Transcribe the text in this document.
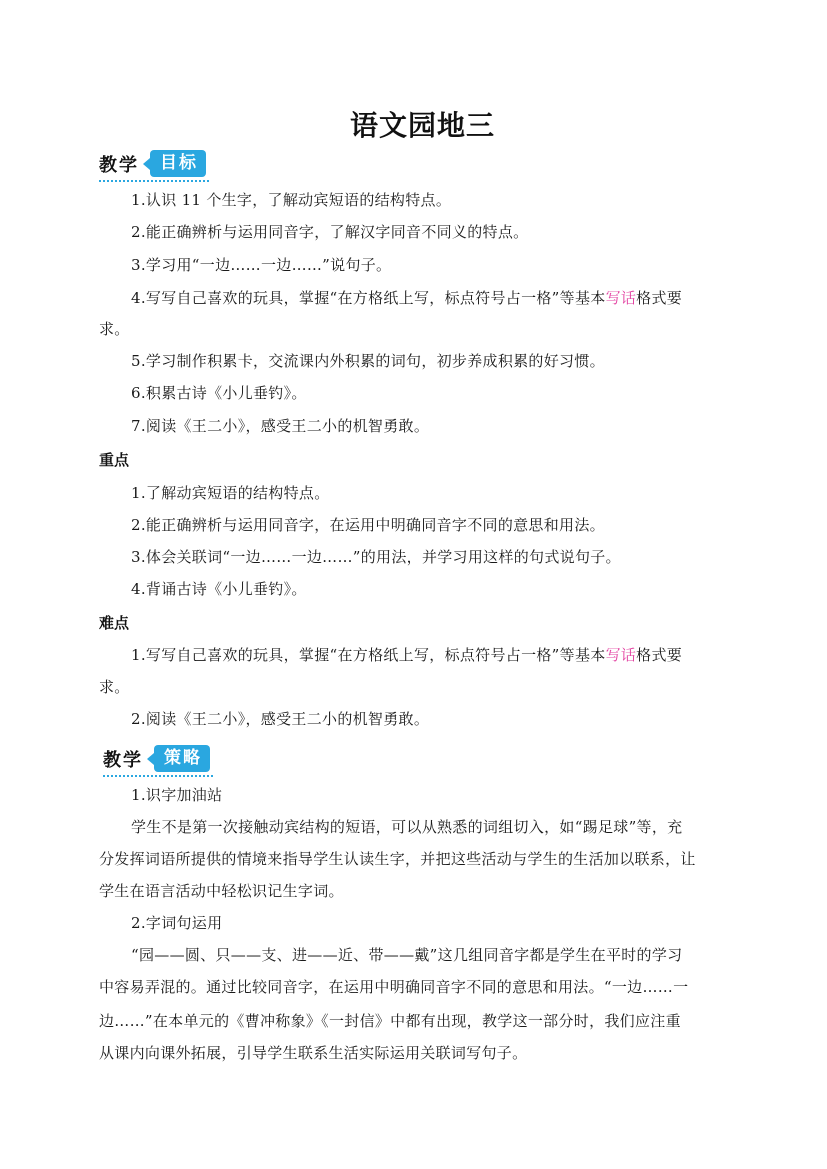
语文园地三
教学	目标
1.认识 11 个生字，了解动宾短语的结构特点。
2.能正确辨析与运用同音字，了解汉字同音不同义的特点。
3.学习用“一边……一边……”说句子。
4.写写自己喜欢的玩具，掌握“在方格纸上写，标点符号占一格”等基本写话格式要
求。
5.学习制作积累卡，交流课内外积累的词句，初步养成积累的好习惯。
6.积累古诗《小儿垂钓》。
7.阅读《王二小》，感受王二小的机智勇敢。
重点
1.了解动宾短语的结构特点。
2.能正确辨析与运用同音字，在运用中明确同音字不同的意思和用法。
3.体会关联词“一边……一边……”的用法，并学习用这样的句式说句子。
4.背诵古诗《小儿垂钓》。
难点
1.写写自己喜欢的玩具，掌握“在方格纸上写，标点符号占一格”等基本写话格式要
求。
2.阅读《王二小》，感受王二小的机智勇敢。
教学	策略
1.识字加油站
学生不是第一次接触动宾结构的短语，可以从熟悉的词组切入，如“踢足球”等，充
分发挥词语所提供的情境来指导学生认读生字，并把这些活动与学生的生活加以联系，让
学生在语言活动中轻松识记生字词。
2.字词句运用
“园——圆、只——支、进——近、带——戴”这几组同音字都是学生在平时的学习
中容易弄混的。通过比较同音字，在运用中明确同音字不同的意思和用法。“一边……一
边……”在本单元的《曹冲称象》《一封信》中都有出现，教学这一部分时，我们应注重
从课内向课外拓展，引导学生联系生活实际运用关联词写句子。
